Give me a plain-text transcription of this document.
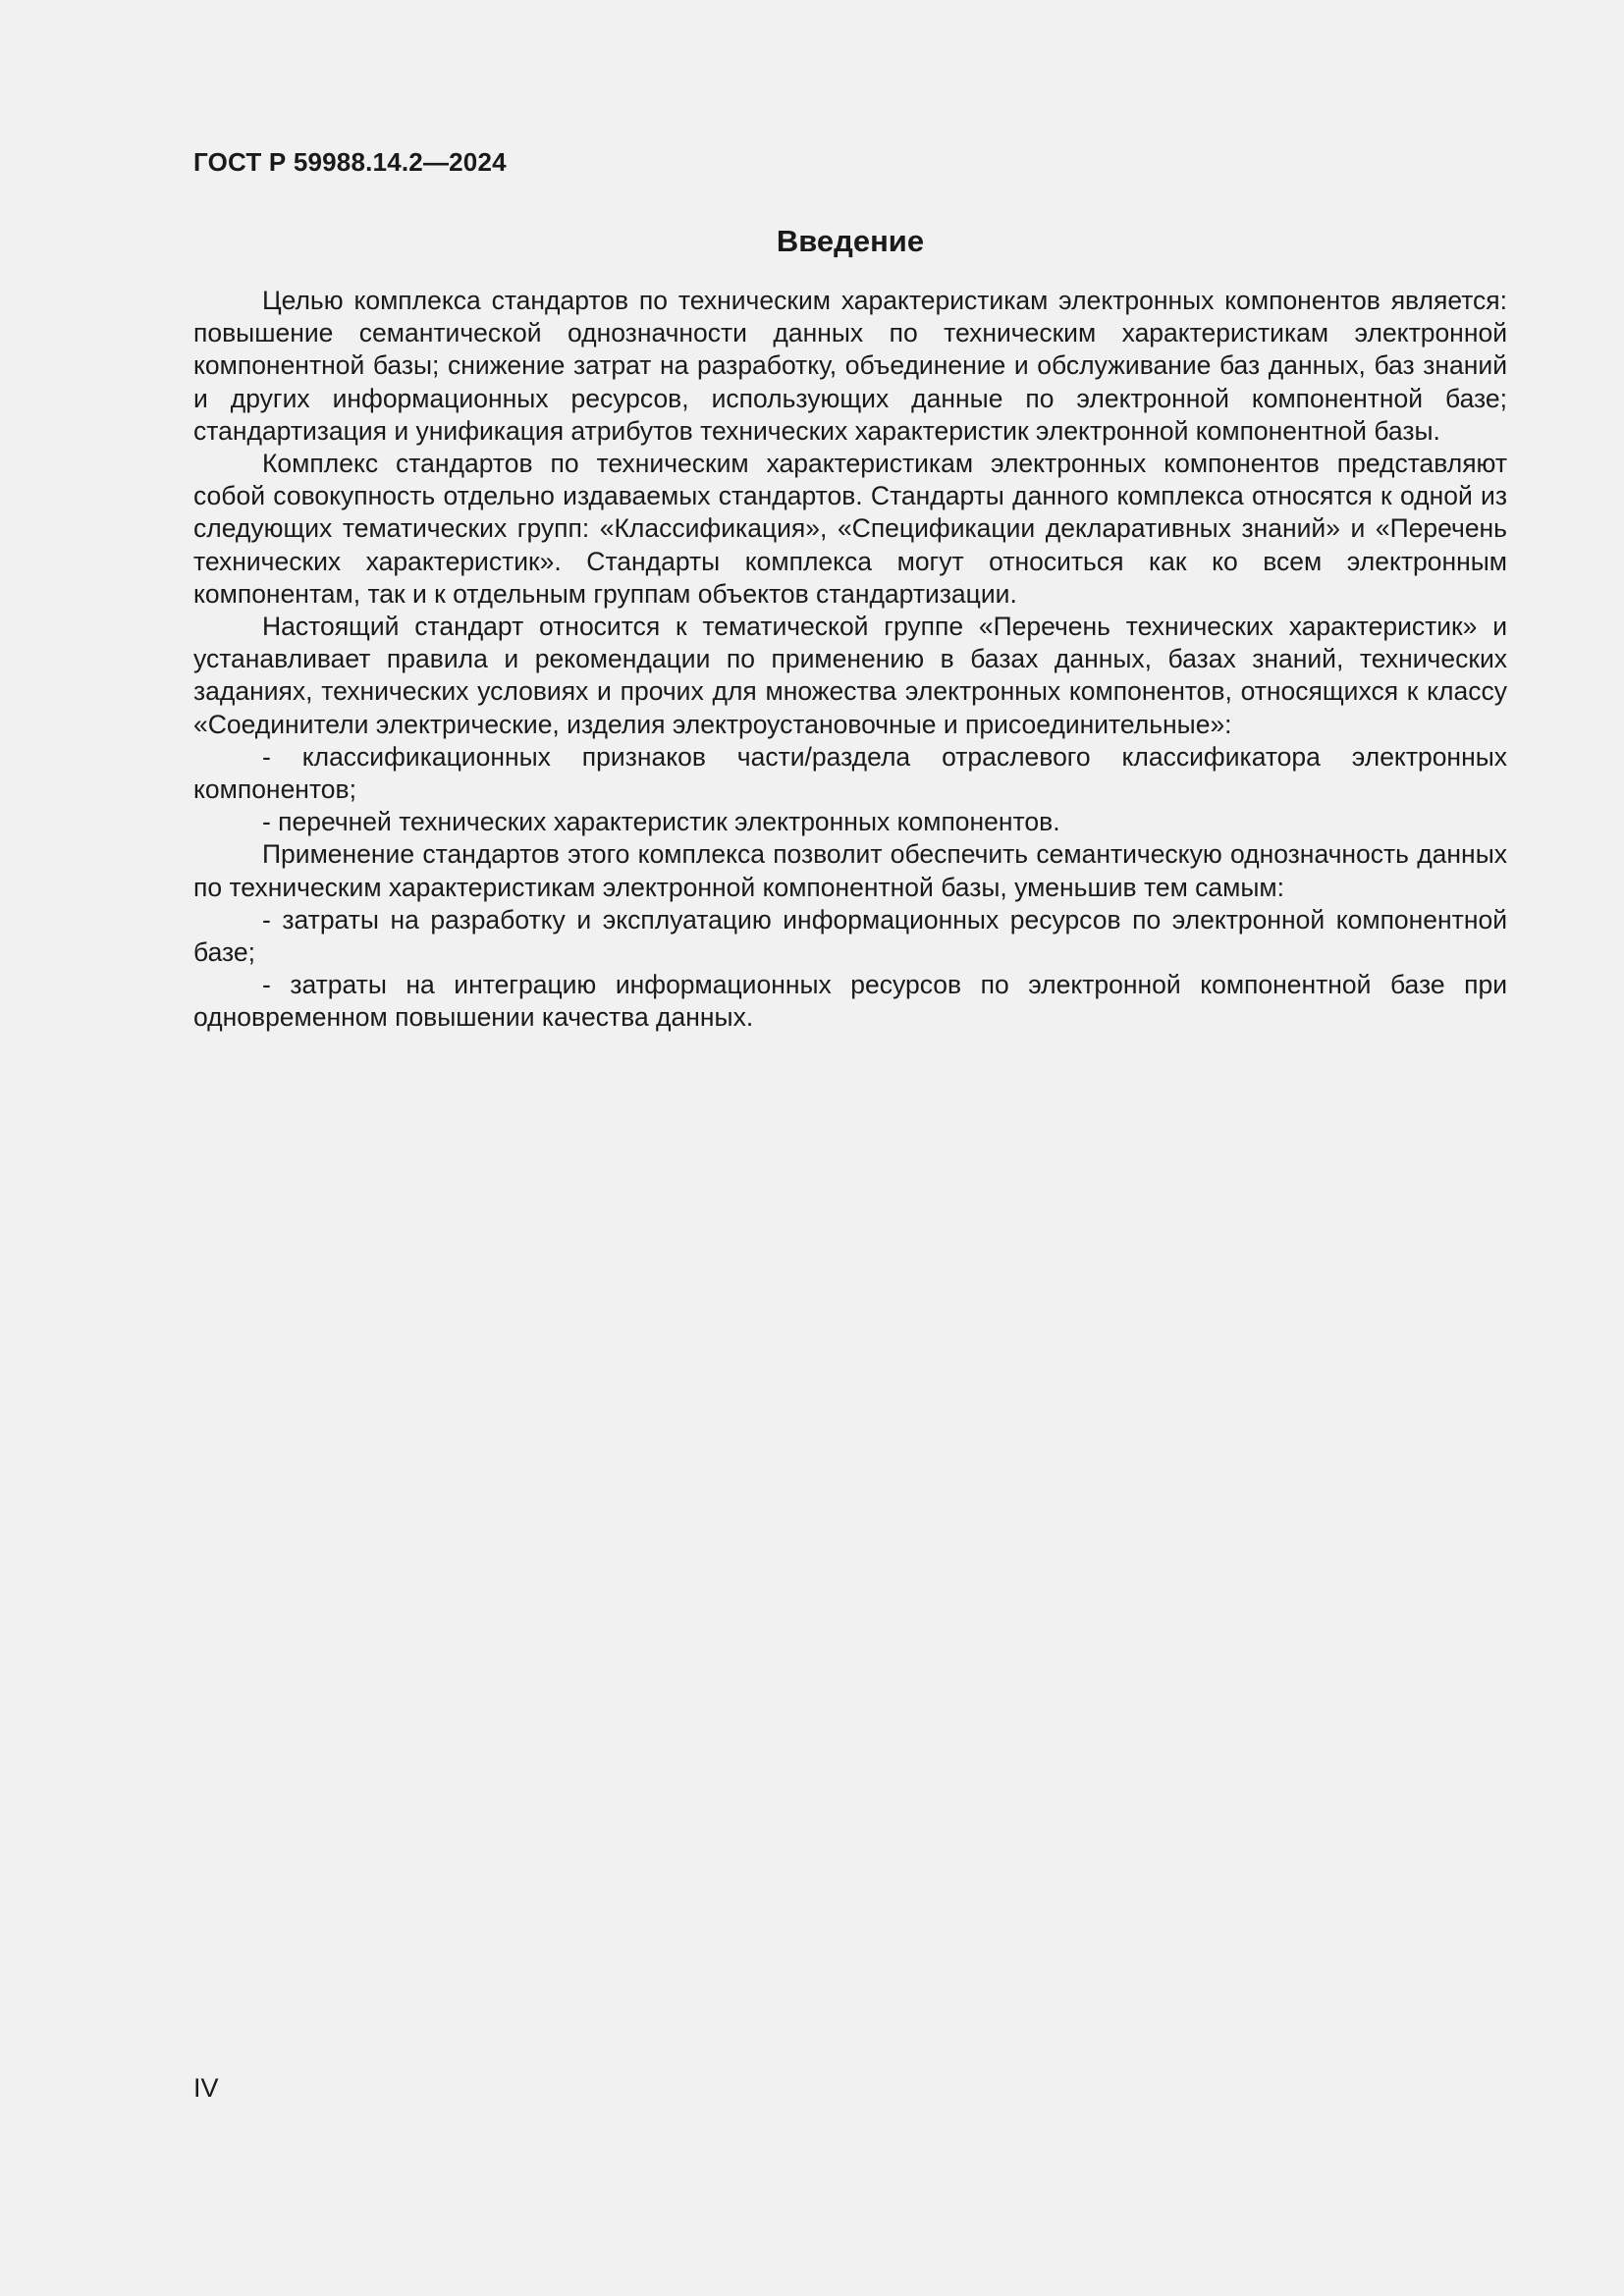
ГОСТ Р 59988.14.2—2024
Введение

Целью комплекса стандартов по техническим характеристикам электронных компонентов является: повышение семантической однозначности данных по техническим характеристикам электронной компонентной базы; снижение затрат на разработку, объединение и обслуживание баз данных, баз знаний и других информационных ресурсов, использующих данные по электронной компонентной базе; стандартизация и унификация атрибутов технических характеристик электронной компонентной базы.

Комплекс стандартов по техническим характеристикам электронных компонентов представляют собой совокупность отдельно издаваемых стандартов. Стандарты данного комплекса относятся к одной из следующих тематических групп: «Классификация», «Спецификации декларативных знаний» и «Перечень технических характеристик». Стандарты комплекса могут относиться как ко всем электронным компонентам, так и к отдельным группам объектов стандартизации.

Настоящий стандарт относится к тематической группе «Перечень технических характеристик» и устанавливает правила и рекомендации по применению в базах данных, базах знаний, технических заданиях, технических условиях и прочих для множества электронных компонентов, относящихся к классу «Соединители электрические, изделия электроустановочные и присоединительные»:

- классификационных признаков части/раздела отраслевого классификатора электронных компонентов;

- перечней технических характеристик электронных компонентов.

Применение стандартов этого комплекса позволит обеспечить семантическую однозначность данных по техническим характеристикам электронной компонентной базы, уменьшив тем самым:

- затраты на разработку и эксплуатацию информационных ресурсов по электронной компонентной базе;

- затраты на интеграцию информационных ресурсов по электронной компонентной базе при одновременном повышении качества данных.

IV
